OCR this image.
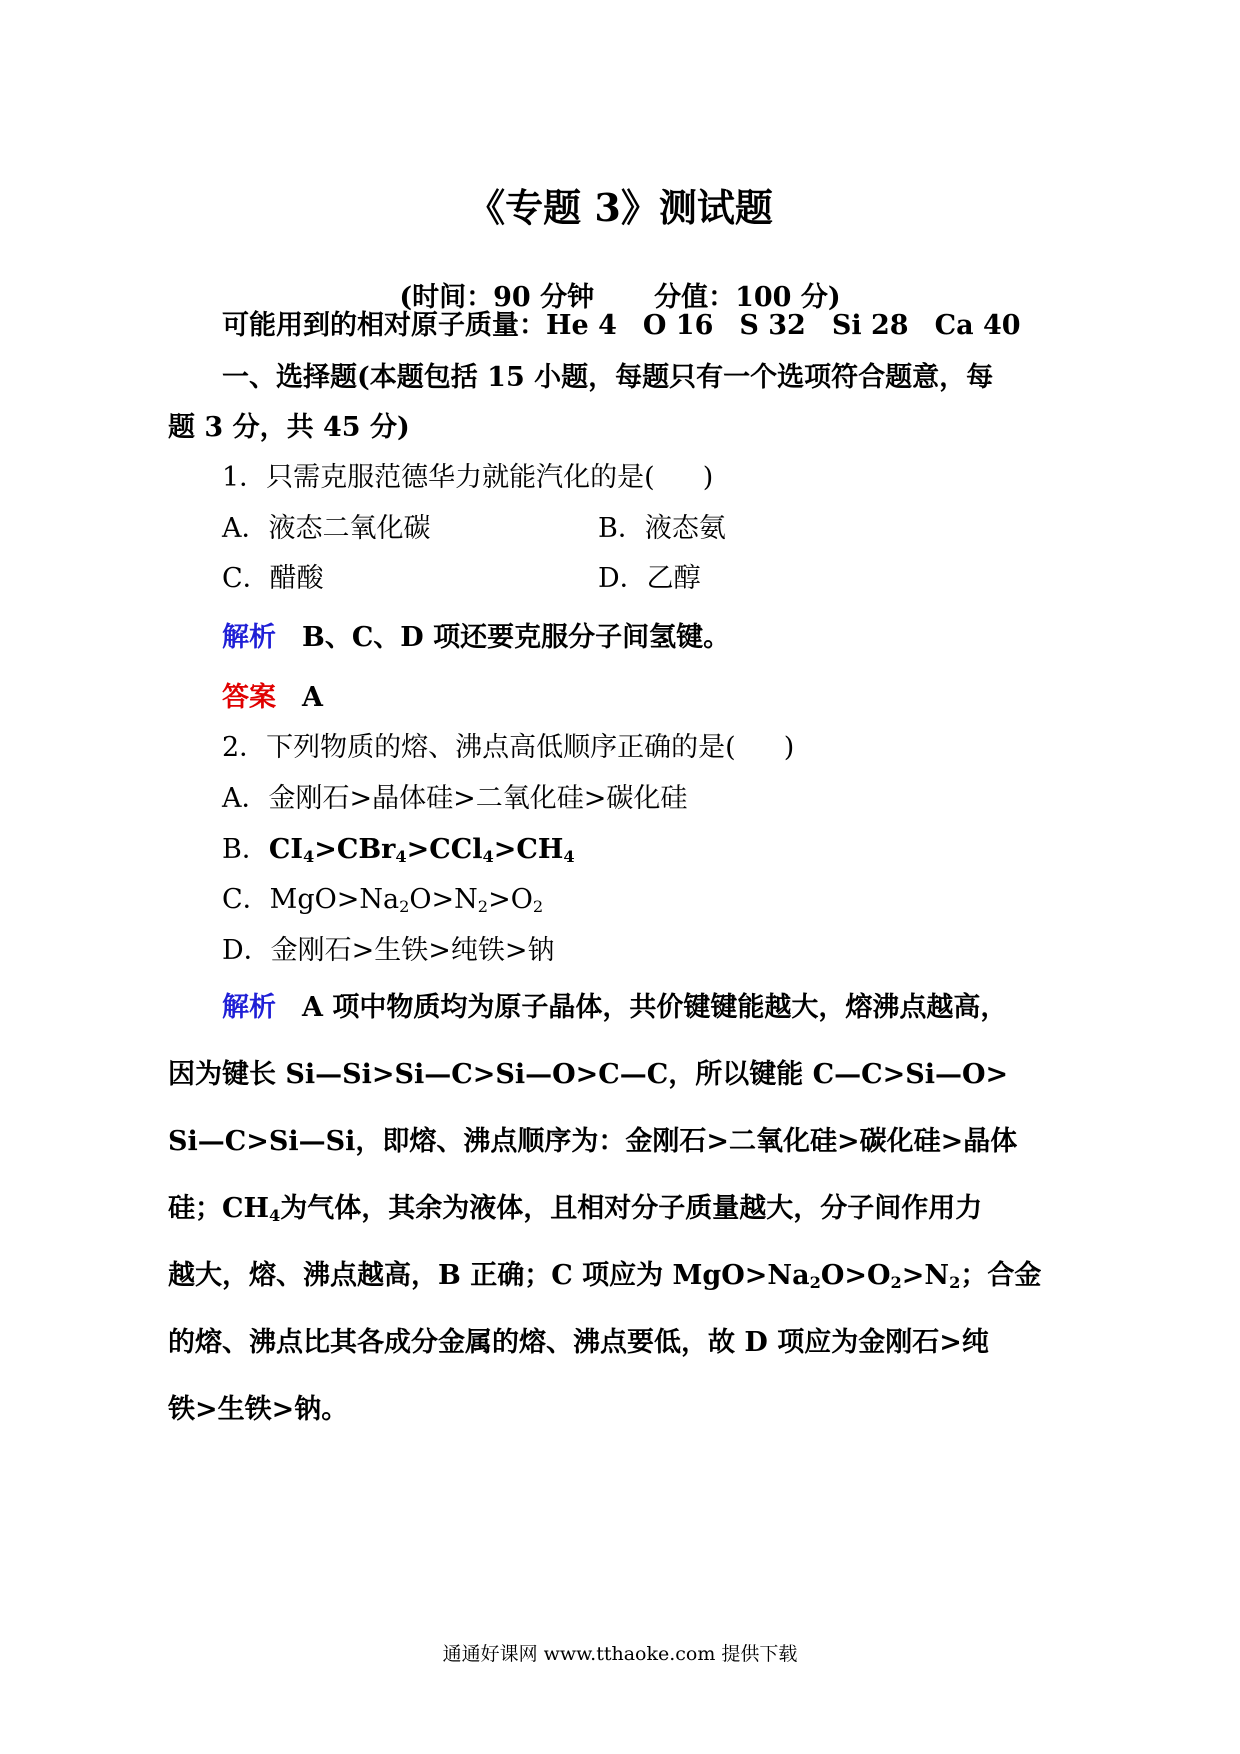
《专题 3》测试题
(时间：90 分钟 分值：100 分)
可能用到的相对原子质量：He 4 O 16 S 32 Si 28 Ca 40
一、选择题(本题包括 15 小题，每题只有一个选项符合题意，每
题 3 分，共 45 分)
1．只需克服范德华力就能汽化的是( )
A．液态二氧化碳	B．液态氨
C．醋酸	D．乙醇
解析 B、C、D 项还要克服分子间氢键。
答案 A
2．下列物质的熔、沸点高低顺序正确的是( )
A．金刚石>晶体硅>二氧化硅>碳化硅
B．$CI_4>CBr_4>CCl_4>CH_4$
C．$MgO>Na_2O>N_2>O_2$
D．金刚石>生铁>纯铁>钠
解析 A 项中物质均为原子晶体，共价键键能越大，熔沸点越高，
因为键长 Si—Si>Si—C>Si—O>C—C，所以键能 C—C>Si—O>
Si—C>Si—Si，即熔、沸点顺序为：金刚石>二氧化硅>碳化硅>晶体
硅；$CH_4$为气体，其余为液体，且相对分子质量越大，分子间作用力
越大，熔、沸点越高，B 正确；C 项应为 $MgO>Na_2O>O_2>N_2$；合金
的熔、沸点比其各成分金属的熔、沸点要低，故 D 项应为金刚石>纯
铁>生铁>钠。
通通好课网 www.tthaoke.com 提供下载
